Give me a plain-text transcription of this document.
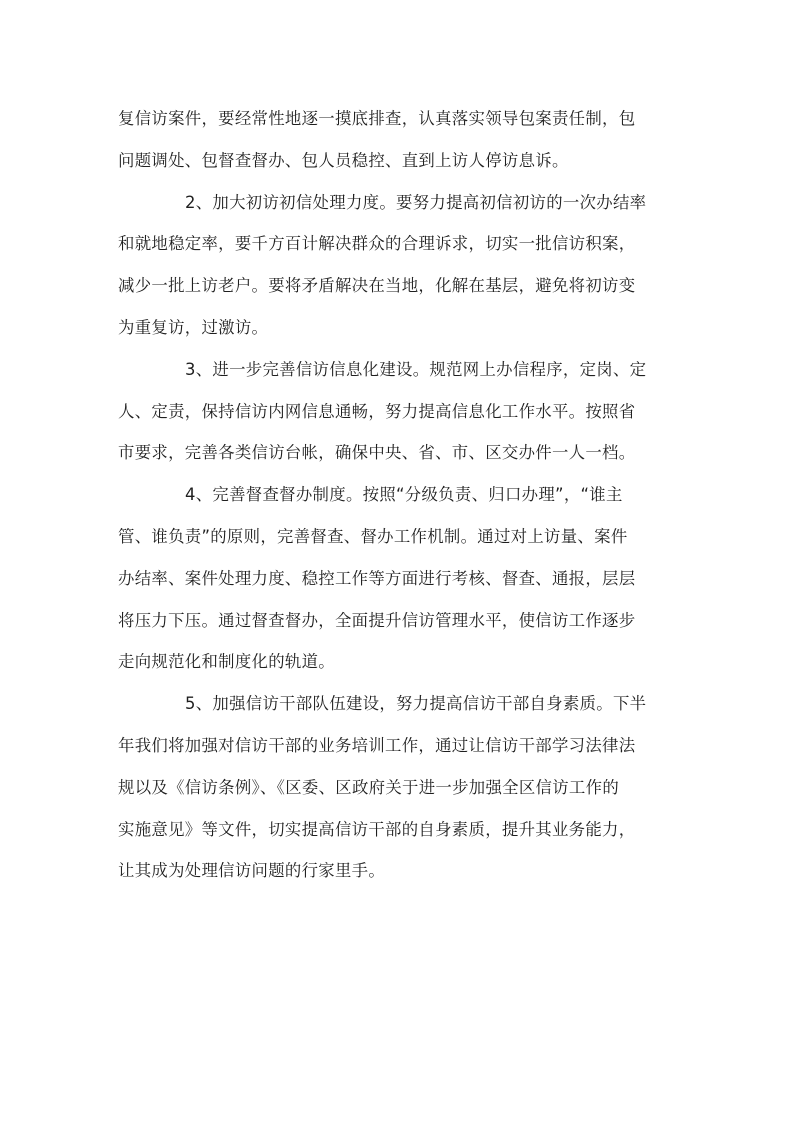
复信访案件，要经常性地逐一摸底排查，认真落实领导包案责任制，包
问题调处、包督查督办、包人员稳控、直到上访人停访息诉。
2、加大初访初信处理力度。要努力提高初信初访的一次办结率
和就地稳定率，要千方百计解决群众的合理诉求，切实一批信访积案，
减少一批上访老户。要将矛盾解决在当地，化解在基层，避免将初访变
为重复访，过激访。
3、进一步完善信访信息化建设。规范网上办信程序，定岗、定
人、定责，保持信访内网信息通畅，努力提高信息化工作水平。按照省
市要求，完善各类信访台帐，确保中央、省、市、区交办件一人一档。
4、完善督查督办制度。按照“分级负责、归口办理”，“谁主
管、谁负责”的原则，完善督查、督办工作机制。通过对上访量、案件
办结率、案件处理力度、稳控工作等方面进行考核、督查、通报，层层
将压力下压。通过督查督办，全面提升信访管理水平，使信访工作逐步
走向规范化和制度化的轨道。
5、加强信访干部队伍建设，努力提高信访干部自身素质。下半
年我们将加强对信访干部的业务培训工作，通过让信访干部学习法律法
规以及《信访条例》、《区委、区政府关于进一步加强全区信访工作的
实施意见》等文件，切实提高信访干部的自身素质，提升其业务能力，
让其成为处理信访问题的行家里手。
